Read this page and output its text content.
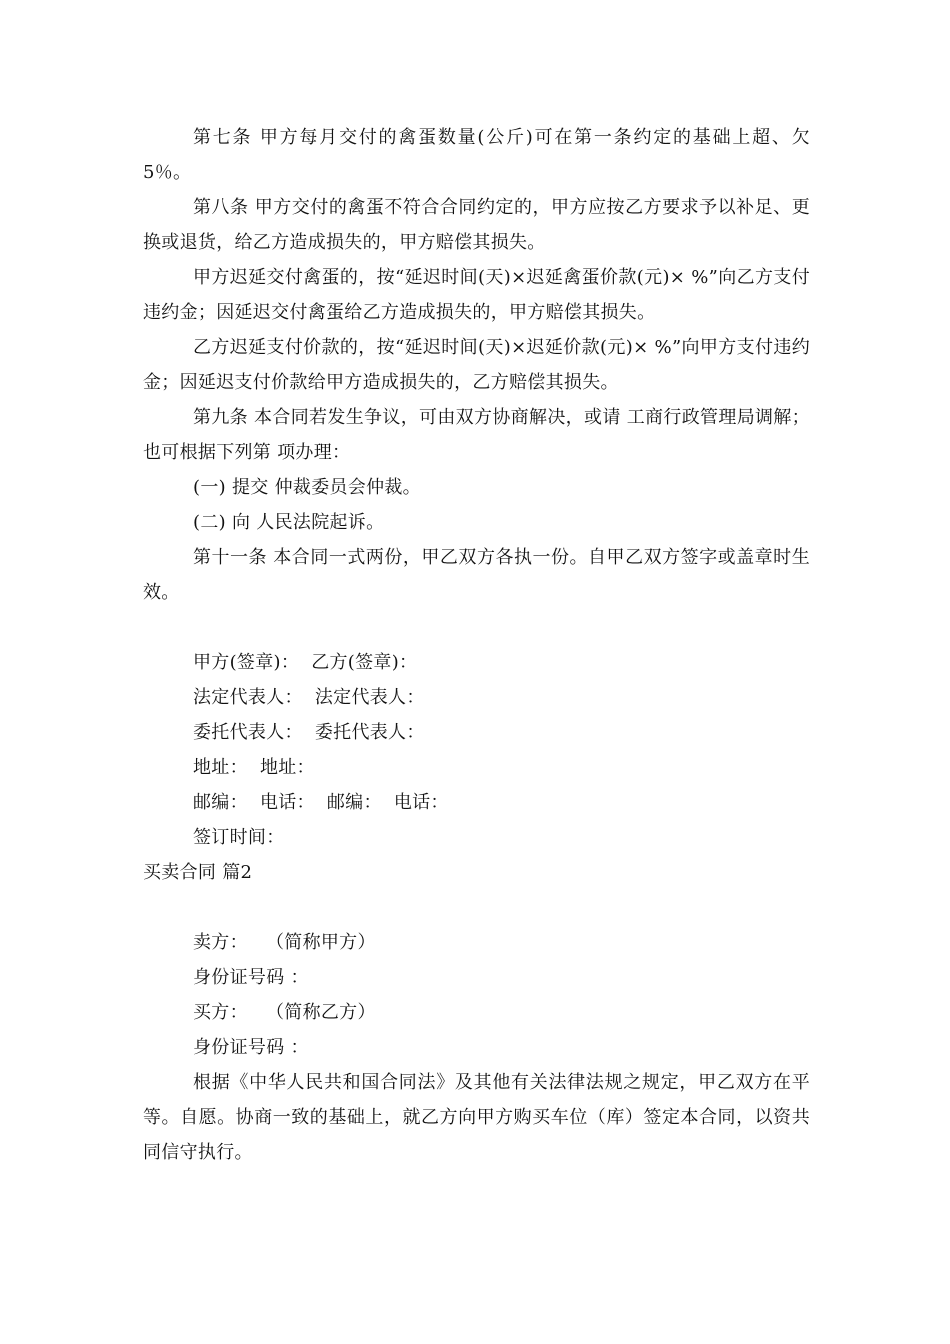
第七条 甲方每月交付的禽蛋数量(公斤)可在第一条约定的基础上超、欠5％。

第八条 甲方交付的禽蛋不符合合同约定的，甲方应按乙方要求予以补足、更换或退货，给乙方造成损失的，甲方赔偿其损失。

甲方迟延交付禽蛋的，按“延迟时间(天)×迟延禽蛋价款(元)× %”向乙方支付违约金；因延迟交付禽蛋给乙方造成损失的，甲方赔偿其损失。

乙方迟延支付价款的，按“延迟时间(天)×迟延价款(元)× %”向甲方支付违约金；因延迟支付价款给甲方造成损失的，乙方赔偿其损失。

第九条 本合同若发生争议，可由双方协商解决，或请 工商行政管理局调解；也可根据下列第 项办理：

(一) 提交 仲裁委员会仲裁。

(二) 向 人民法院起诉。

第十一条 本合同一式两份，甲乙双方各执一份。自甲乙双方签字或盖章时生效。

甲方(签章)：  乙方(签章)：

法定代表人：  法定代表人：

委托代表人：  委托代表人：

地址：  地址：

邮编：  电话：  邮编：  电话：

签订时间：

买卖合同 篇2

卖方：   （简称甲方）

身份证号码 ：

买方：   （简称乙方）

身份证号码 ：

根据《中华人民共和国合同法》及其他有关法律法规之规定，甲乙双方在平等。自愿。协商一致的基础上，就乙方向甲方购买车位（库）签定本合同，以资共同信守执行。
